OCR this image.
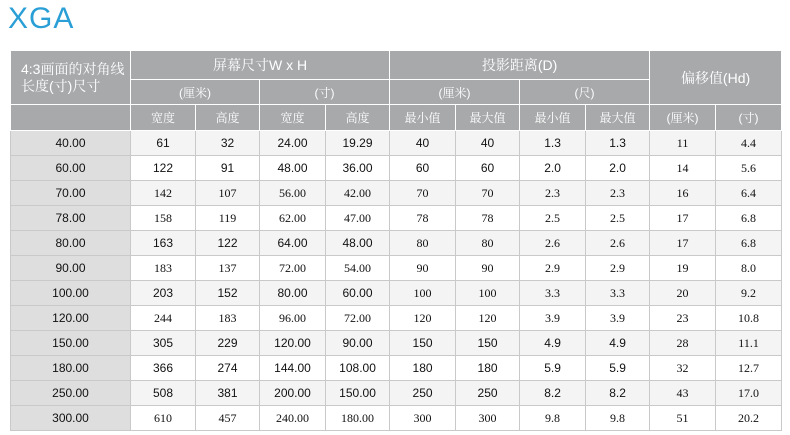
XGA
4:3画面的对角线长度(寸)尺寸	屏幕尺寸W x H				投影距离(D)				偏移值(Hd)	
	(厘米)		(寸)		(厘米)		(尺)			
	宽度	高度	宽度	高度	最小值	最大值	最小值	最大值	(厘米)	(寸)
40.00	61	32	24.00	19.29	40	40	1.3	1.3	11	4.4
60.00	122	91	48.00	36.00	60	60	2.0	2.0	14	5.6
70.00	142	107	56.00	42.00	70	70	2.3	2.3	16	6.4
78.00	158	119	62.00	47.00	78	78	2.5	2.5	17	6.8
80.00	163	122	64.00	48.00	80	80	2.6	2.6	17	6.8
90.00	183	137	72.00	54.00	90	90	2.9	2.9	19	8.0
100.00	203	152	80.00	60.00	100	100	3.3	3.3	20	9.2
120.00	244	183	96.00	72.00	120	120	3.9	3.9	23	10.8
150.00	305	229	120.00	90.00	150	150	4.9	4.9	28	11.1
180.00	366	274	144.00	108.00	180	180	5.9	5.9	32	12.7
250.00	508	381	200.00	150.00	250	250	8.2	8.2	43	17.0
300.00	610	457	240.00	180.00	300	300	9.8	9.8	51	20.2
